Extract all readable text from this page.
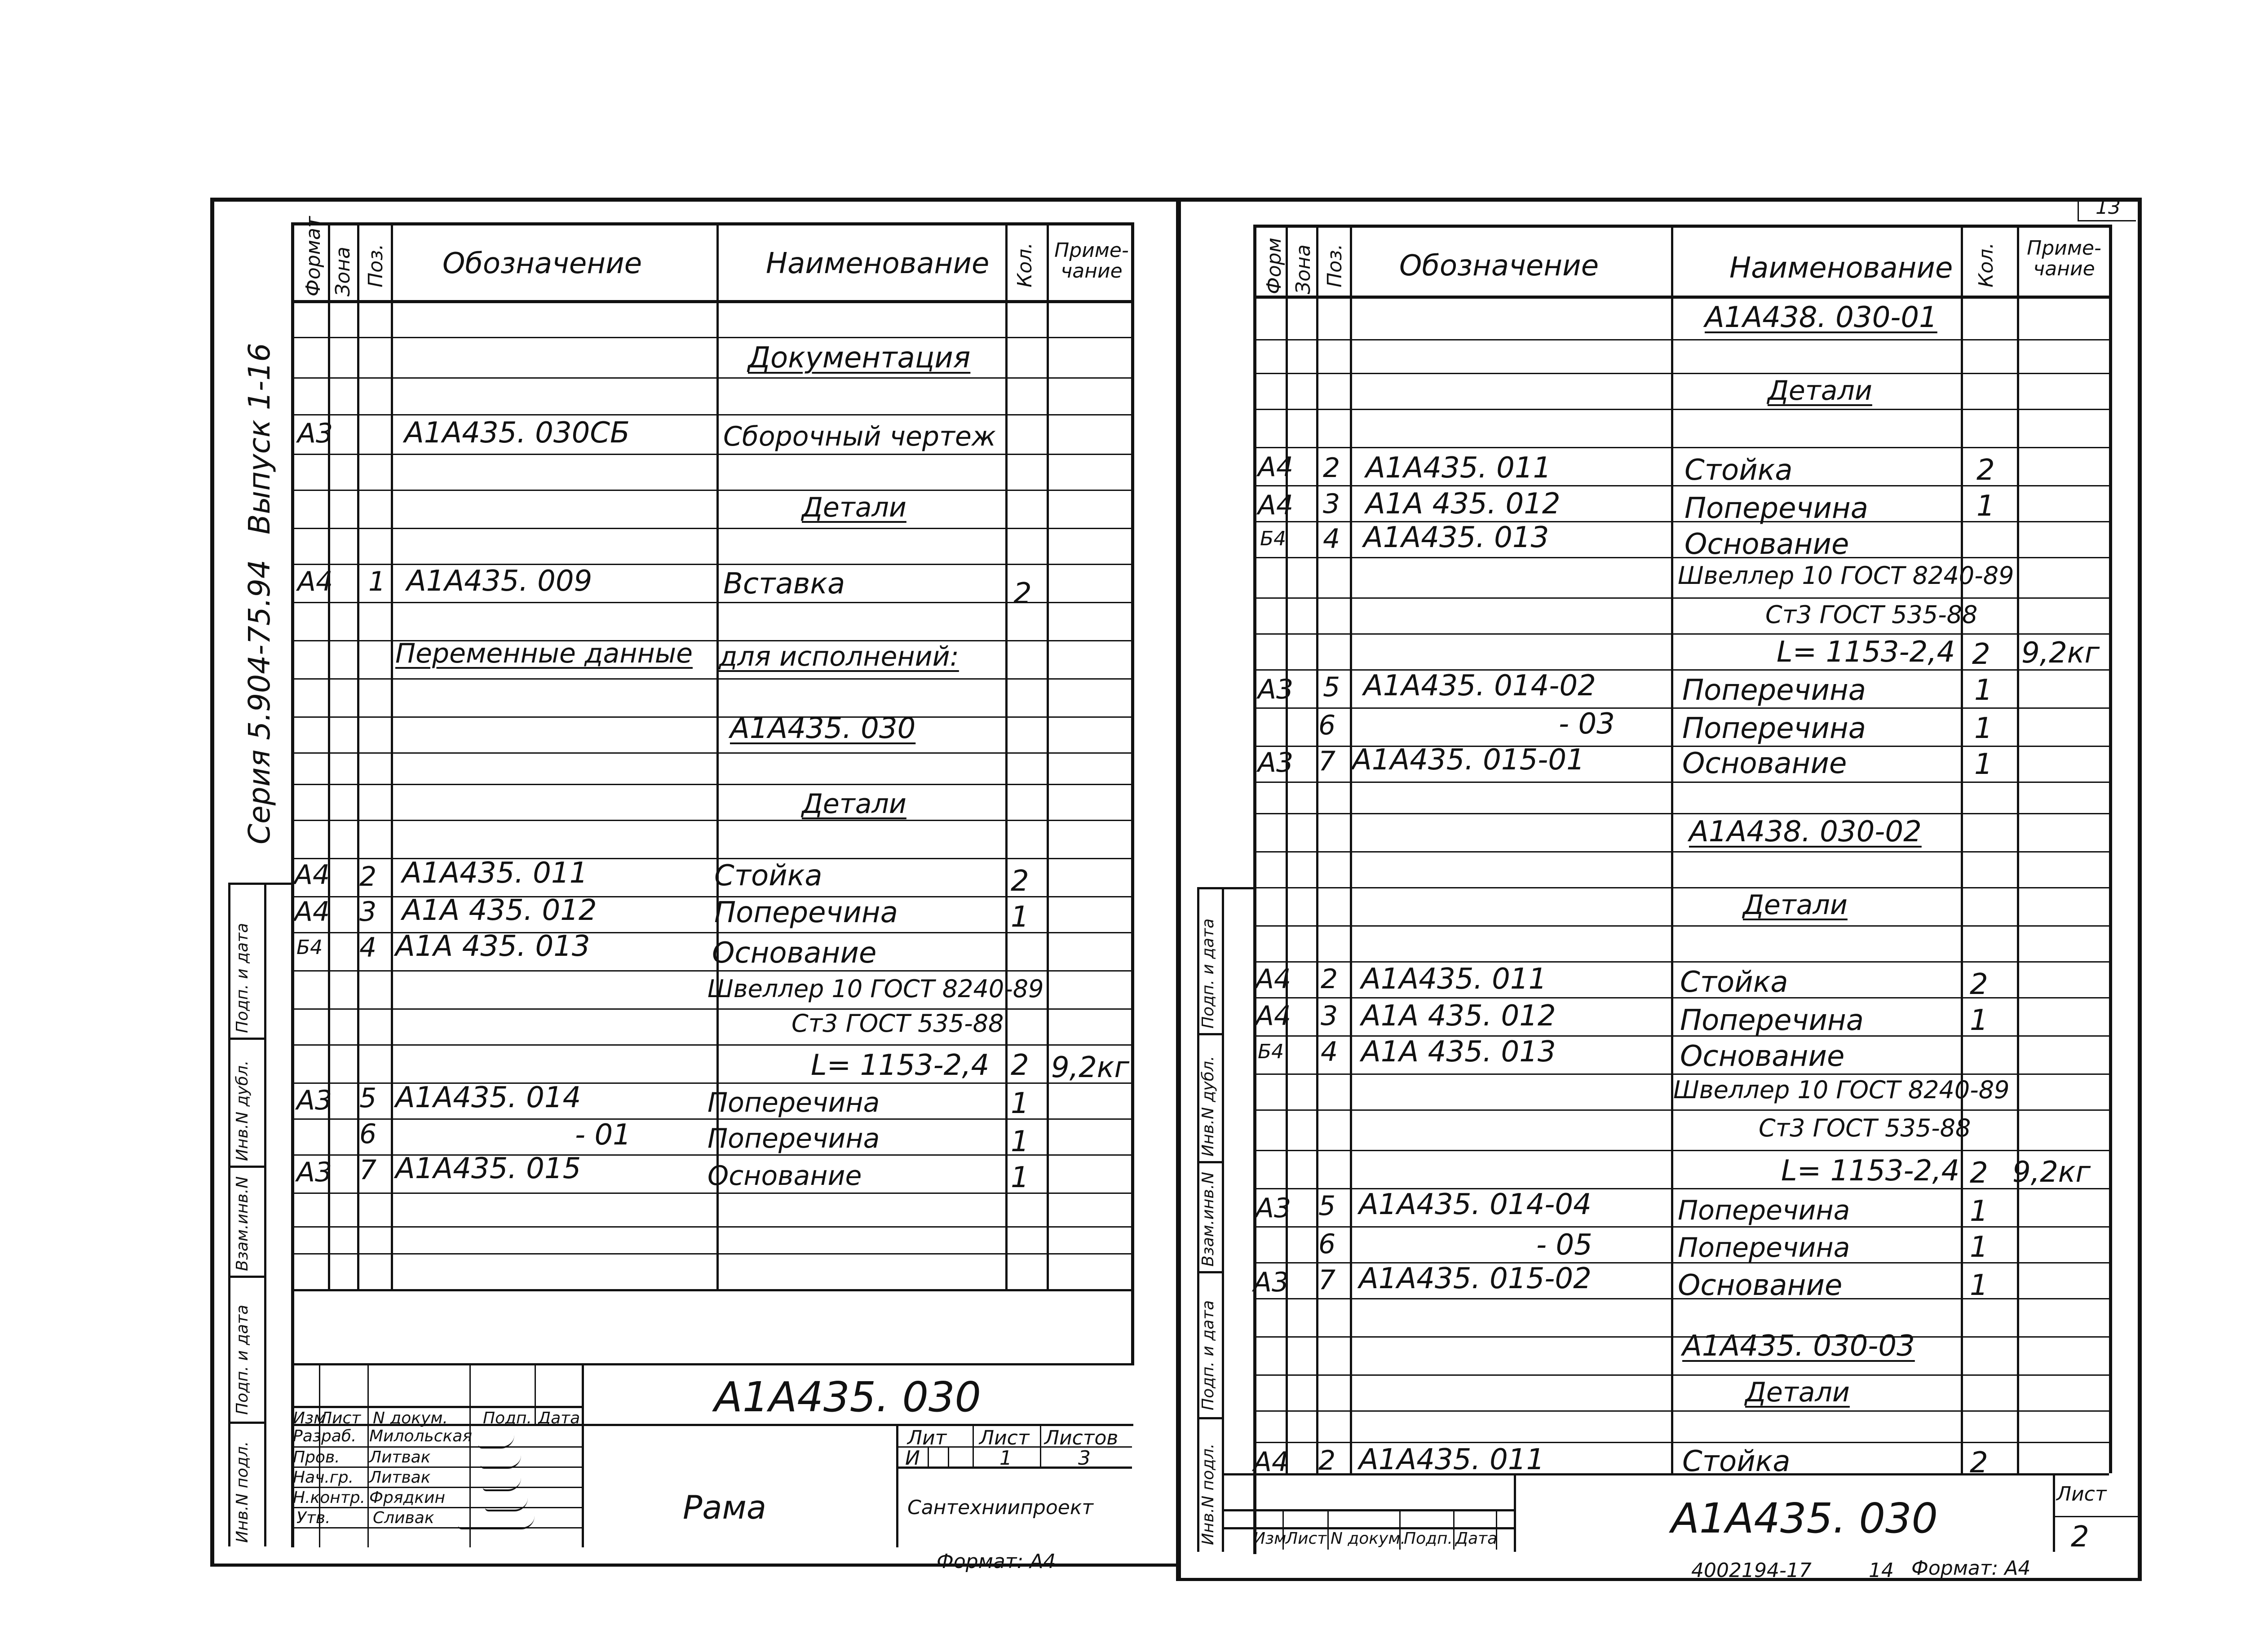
Серия 5.904-75.94
Выпуск 1-16
Инв.N подл.
Подп. и дата
Взам.инв.N
Инв.N дубл.
Подп. и дата
Формат Зона Поз. Обозначение	Наименование Кол. Приме-чание
Документация
А3 А1А435. 030СБ	Сборочный чертеж
Детали
А4 1 А1А435. 009	Вставка	2
Переменные данные для исполнений:
А1А435. 030
Детали
А4 2 А1А435. 011	Стойка	2
А4 3 А1А 435. 012	Поперечина	1
Б4 4 А1А 435. 013	Основание
Швеллер 10 ГОСТ 8240-89
Ст3 ГОСТ 535-88
L= 1153-2,4 2 9,2кг
А3 5 А1А435. 014	Поперечина	1
6	- 01	Поперечина	1
А3 7 А1А435. 015	Основание	1
Изм
Лист N докум. Подп. Дата
Разраб. Милольская
Пров. Литвак
Нач.гр. Литвак
Н.контр. Фрядкин
Утв.	Сливак
А1А435. 030
Рама
Лит Лист Листов
И	1	3
Сантехниипроект
Формат: А4
13
Инв.N подл.
Подп. и дата
Взам.инв.N
Инв.N дубл.
Подп. и дата
Форм Зона Поз. Обозначение	Наименование Кол. Приме-чание
А1А438. 030-01
Детали
А4 2 А1А435. 011	Стойка	2
А4 3 А1А 435. 012	Поперечина	1
Б4 4 А1А435. 013	Основание
Швеллер 10 ГОСТ 8240-89
Ст3 ГОСТ 535-88
L= 1153-2,4 2 9,2кг
А3 5 А1А435. 014-02	Поперечина	1
6	- 03 Поперечина	1
А3 7 А1А435. 015-01	Основание	1
А1А438. 030-02
Детали
А4 2 А1А435. 011	Стойка	2
А4 3 А1А 435. 012	Поперечина	1
Б4 4 А1А 435. 013	Основание
Швеллер 10 ГОСТ 8240-89
Ст3 ГОСТ 535-88
L= 1153-2,4 2 9,2кг
А3 5 А1А435. 014-04	Поперечина	1
6	- 05	Поперечина	1
А3 7 А1А435. 015-02	Основание	1
А1А435. 030-03
Детали
А4 2 А1А435. 011	Стойка	2
Изм
Лист N докум.
Подп. Дата	А1А435. 030
Лист
2
4002194-17	14 Формат: А4
